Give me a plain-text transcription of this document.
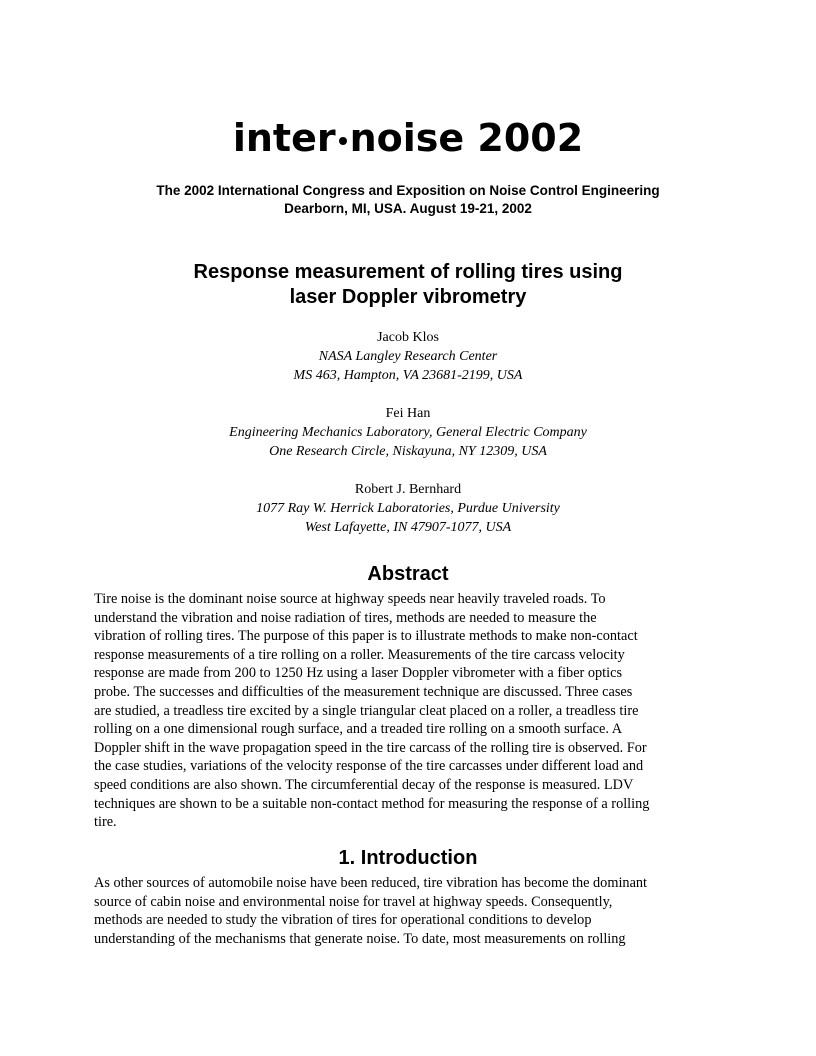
inter noise 2002
The 2002 International Congress and Exposition on Noise Control Engineering
Dearborn, MI, USA. August 19-21, 2002
Response measurement of rolling tires using
laser Doppler vibrometry
Jacob Klos
NASA Langley Research Center
MS 463, Hampton, VA 23681-2199, USA
Fei Han
Engineering Mechanics Laboratory, General Electric Company
One Research Circle, Niskayuna, NY 12309, USA
Robert J. Bernhard
1077 Ray W. Herrick Laboratories, Purdue University
West Lafayette, IN 47907-1077, USA
Abstract
Tire noise is the dominant noise source at highway speeds near heavily traveled roads. To
understand the vibration and noise radiation of tires, methods are needed to measure the
vibration of rolling tires. The purpose of this paper is to illustrate methods to make non-contact
response measurements of a tire rolling on a roller. Measurements of the tire carcass velocity
response are made from 200 to 1250 Hz using a laser Doppler vibrometer with a fiber optics
probe. The successes and difficulties of the measurement technique are discussed. Three cases
are studied, a treadless tire excited by a single triangular cleat placed on a roller, a treadless tire
rolling on a one dimensional rough surface, and a treaded tire rolling on a smooth surface. A
Doppler shift in the wave propagation speed in the tire carcass of the rolling tire is observed. For
the case studies, variations of the velocity response of the tire carcasses under different load and
speed conditions are also shown. The circumferential decay of the response is measured. LDV
techniques are shown to be a suitable non-contact method for measuring the response of a rolling
tire.
1. Introduction
As other sources of automobile noise have been reduced, tire vibration has become the dominant
source of cabin noise and environmental noise for travel at highway speeds. Consequently,
methods are needed to study the vibration of tires for operational conditions to develop
understanding of the mechanisms that generate noise. To date, most measurements on rolling
